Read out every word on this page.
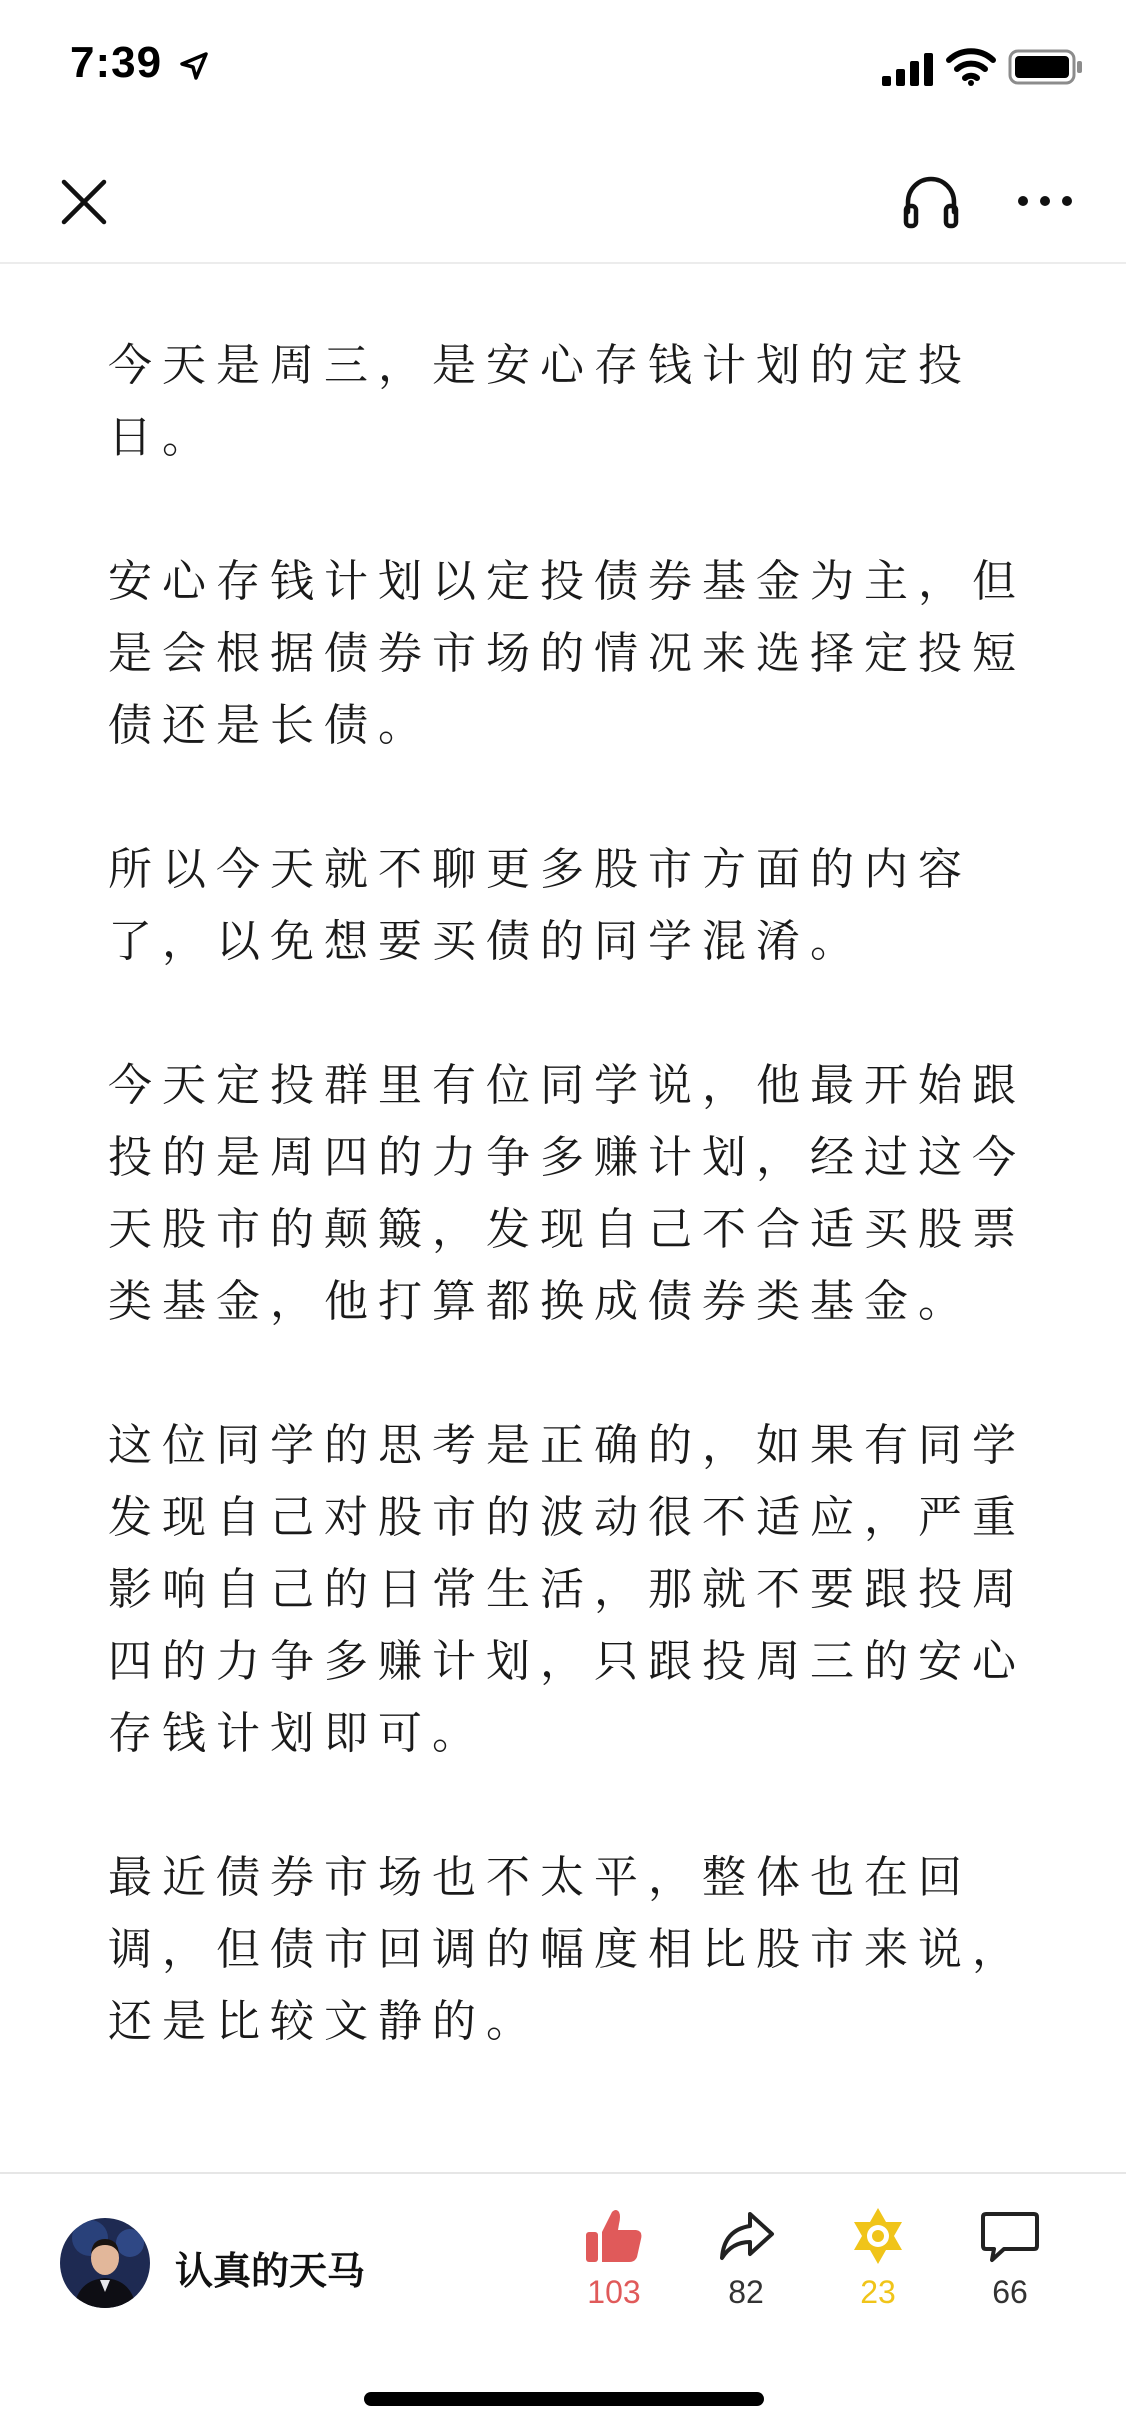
7:39

今天是周三，是安心存钱计划的定投日。

安心存钱计划以定投债券基金为主，但是会根据债券市场的情况来选择定投短债还是长债。

所以今天就不聊更多股市方面的内容了，以免想要买债的同学混淆。

今天定投群里有位同学说，他最开始跟投的是周四的力争多赚计划，经过这今天股市的颠簸，发现自己不合适买股票类基金，他打算都换成债券类基金。

这位同学的思考是正确的，如果有同学发现自己对股市的波动很不适应，严重影响自己的日常生活，那就不要跟投周四的力争多赚计划，只跟投周三的安心存钱计划即可。

最近债券市场也不太平，整体也在回调，但债市回调的幅度相比股市来说，还是比较文静的。

认真的天马	103	82	23	66
